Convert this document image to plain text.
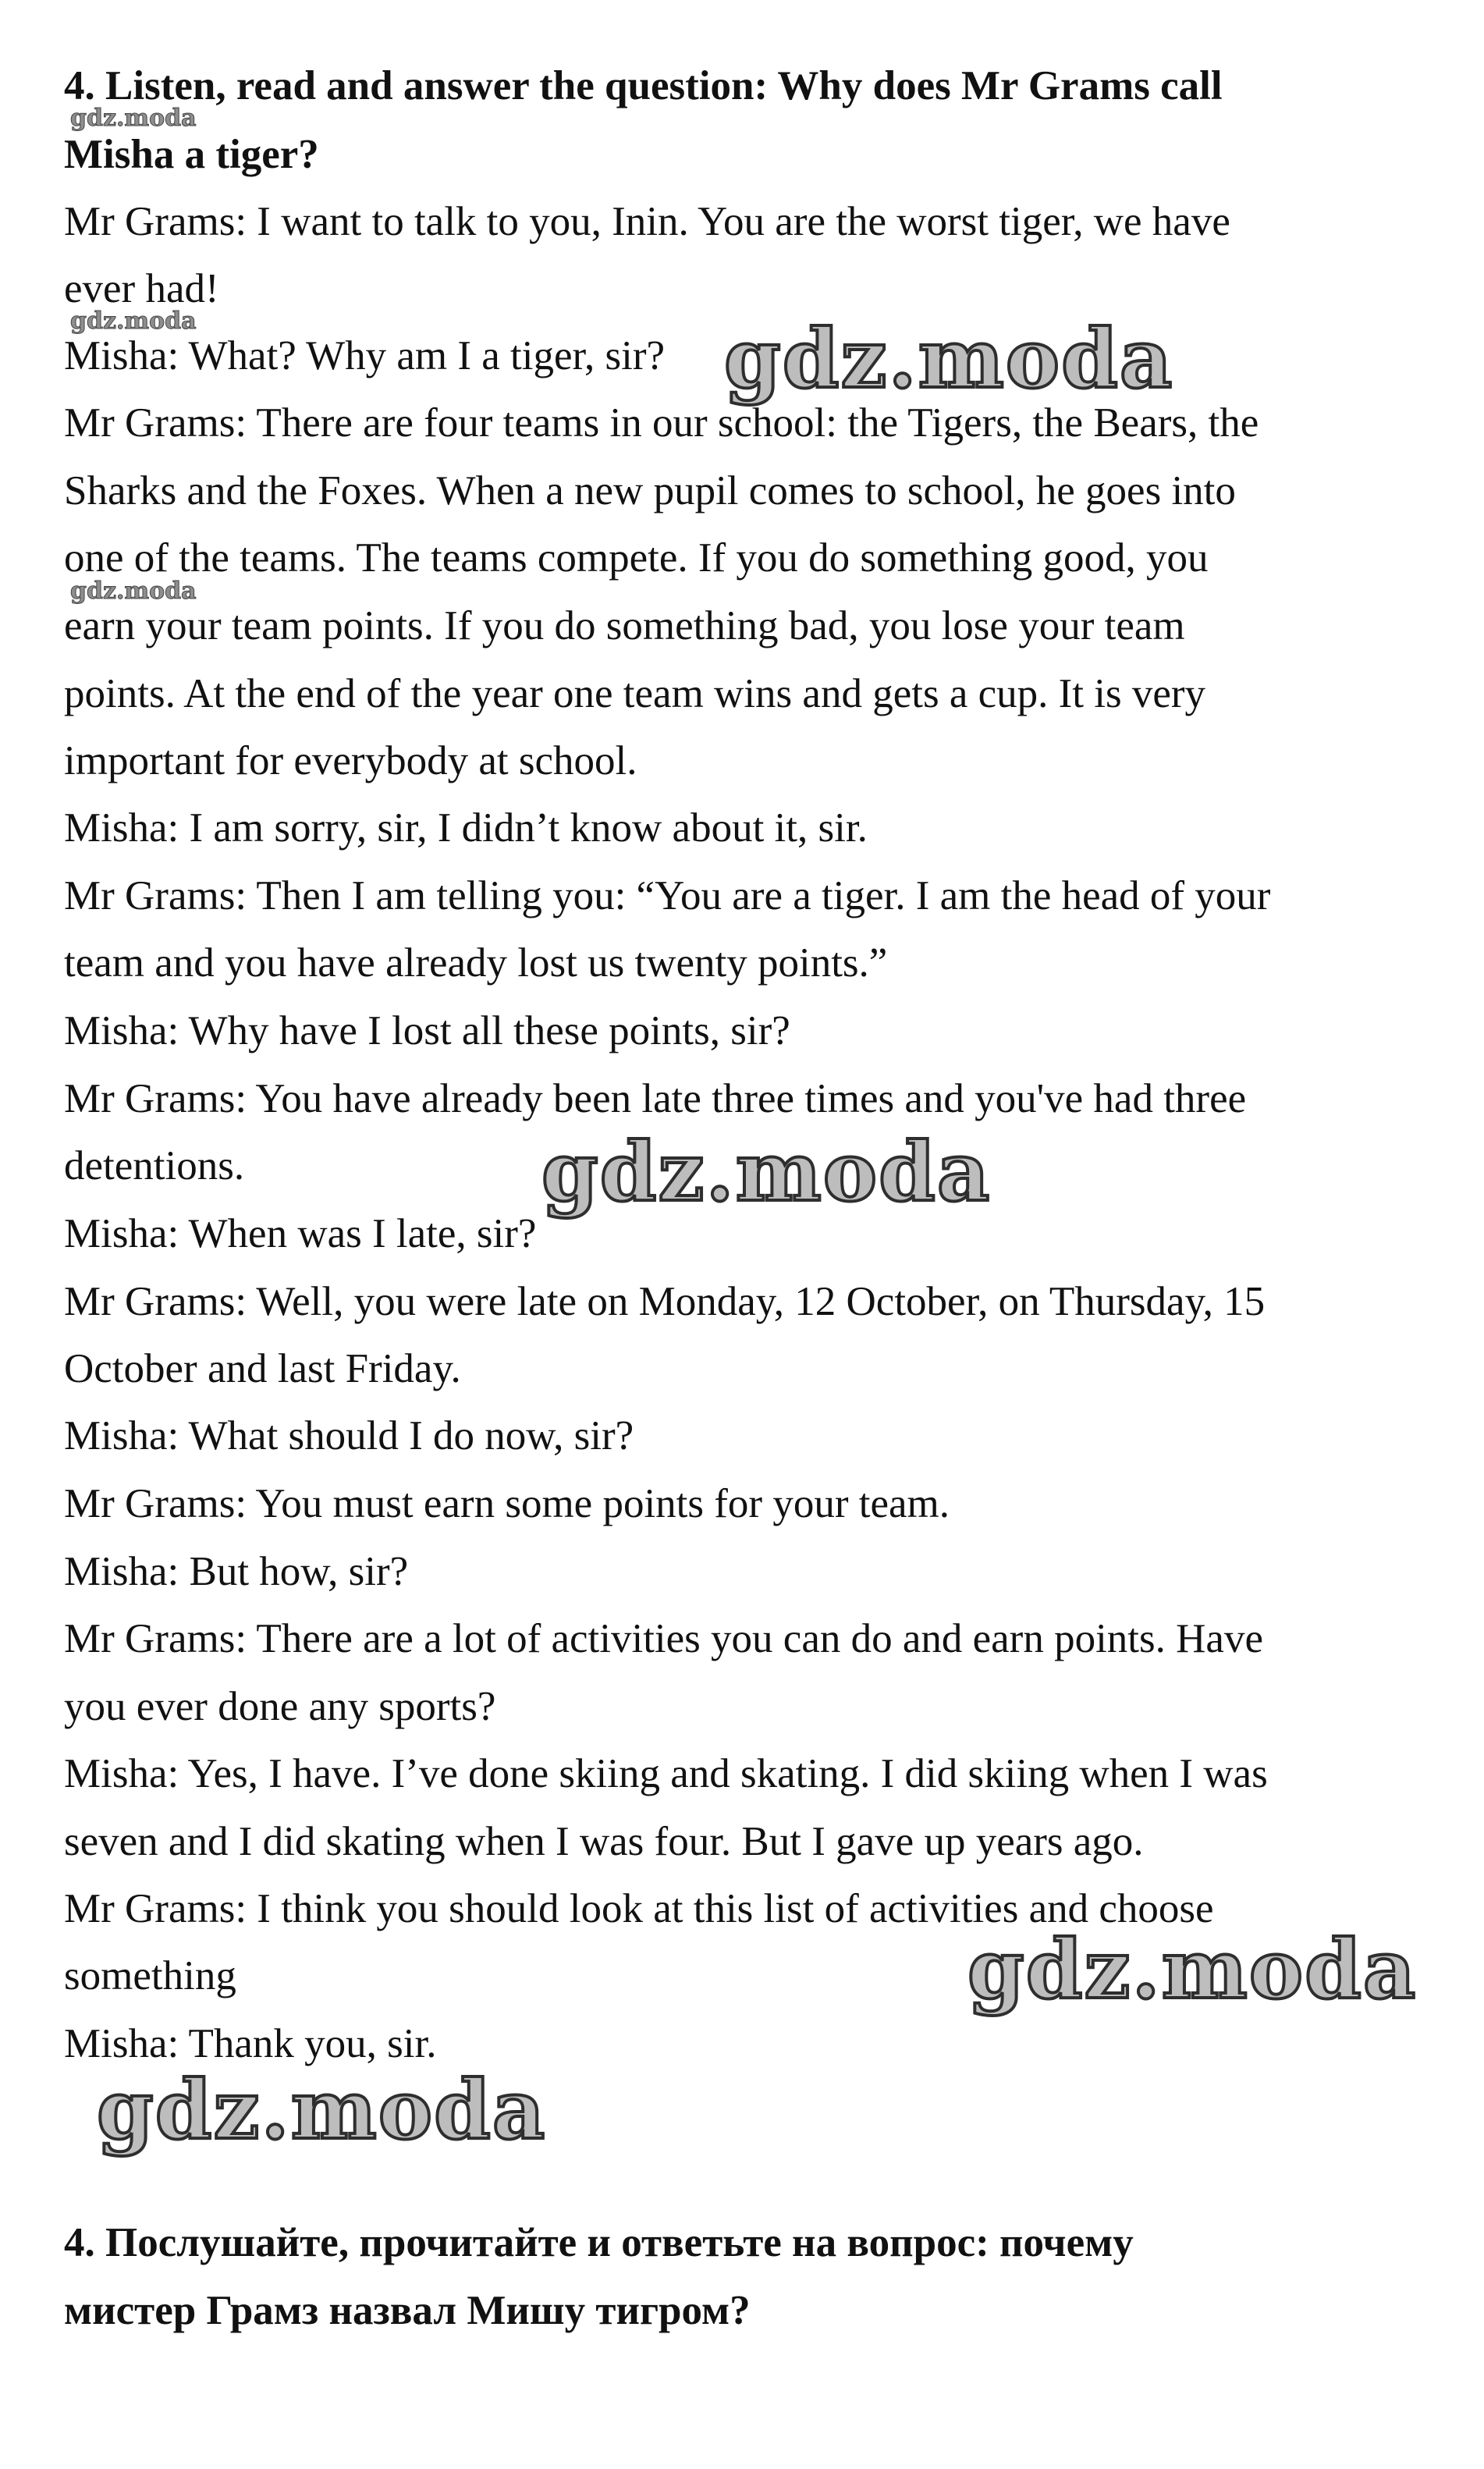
4. Listen, read and answer the question: Why does Mr Grams call
Misha a tiger?
Mr Grams: I want to talk to you, Inin. You are the worst tiger, we have
ever had!
Misha: What? Why am I a tiger, sir?
Mr Grams: There are four teams in our school: the Tigers, the Bears, the
Sharks and the Foxes. When a new pupil comes to school, he goes into
one of the teams. The teams compete. If you do something good, you
earn your team points. If you do something bad, you lose your team
points. At the end of the year one team wins and gets a cup. It is very
important for everybody at school.
Misha: I am sorry, sir, I didn’t know about it, sir.
Mr Grams: Then I am telling you: “You are a tiger. I am the head of your
team and you have already lost us twenty points.”
Misha: Why have I lost all these points, sir?
Mr Grams: You have already been late three times and you've had three
detentions.
Misha: When was I late, sir?
Mr Grams: Well, you were late on Monday, 12 October, on Thursday, 15
October and last Friday.
Misha: What should I do now, sir?
Mr Grams: You must earn some points for your team.
Misha: But how, sir?
Mr Grams: There are a lot of activities you can do and earn points. Have
you ever done any sports?
Misha: Yes, I have. I’ve done skiing and skating. I did skiing when I was
seven and I did skating when I was four. But I gave up years ago.
Mr Grams: I think you should look at this list of activities and choose
something
Misha: Thank you, sir.
4. Послушайте, прочитайте и ответьте на вопрос: почему
мистер Грамз назвал Мишу тигром?
gdz.moda
gdz.moda
gdz.moda
gdz.moda
gdz.moda
gdz.moda
gdz.moda
